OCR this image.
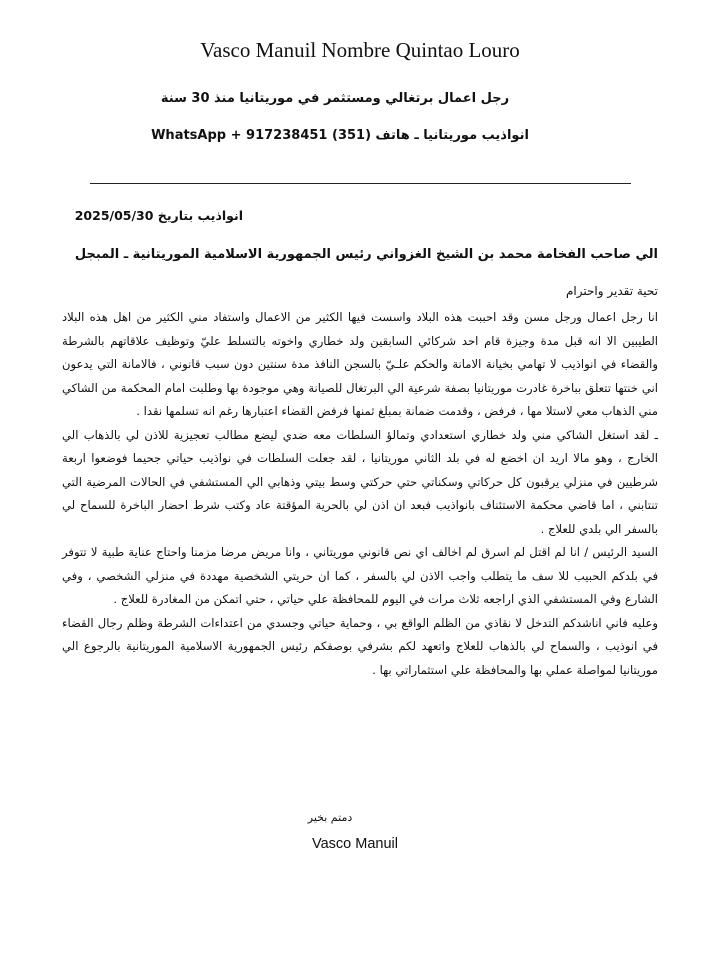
Vasco Manuil Nombre Quintao Louro
رجل اعمال برتغالي ومستثمر في موريتانيا منذ 30 سنة
انواذيب موريتانيا ـ هاتف (351) 917238451 + WhatsApp
انواذيب بتاريخ 2025/05/30
الي صاحب الفخامة محمد بن الشيخ الغزواني رئيس الجمهورية الاسلامية الموريتانية ـ المبجل
تحية تقدير واحترام

انا رجل اعمال ورجل مسن وقد احببت هذه البلاد واسست فيها الكثير من الاعمال واستفاد مني الكثير من اهل هذه البلاد الطيبين الا انه قبل مدة وجيزة قام احد شركائي السابقين ولد خطاري واخوته بالتسلط عليّ وتوظيف علاقاتهم بالشرطة والقضاء في انواذيب لا تهامي بخيانة الامانة والحكم علـيّ بالسجن النافذ مدة سنتين دون سبب قانوني ، فالامانة التي يدعون اني خنتها تتعلق بباخرة غادرت موريتانيا بصفة شرعية الي البرتغال للصيانة وهي موجودة بها وطلبت امام المحكمة من الشاكي مني الذهاب معي لاستلا مها ، فرفض ، وقدمت ضمانة بمبلغ ثمنها فرفض القضاء اعتبارها رغم انه تسلمها نقدا .

ـ لقد استغل الشاكي مني ولد خطاري استعدادي وتمالؤ السلطات معه ضدي ليضع مطالب تعجيزية للاذن لي بالذهاب الي الخارج ، وهو مالا اريد ان اخضع له في بلد الثاني موريتانيا ، لقد جعلت السلطات في نواذيب حياتي جحيما فوضعوا اربعة شرطيين في منزلي يرقبون كل حركاتي وسكناتي حتي حركتي وسط بيتي وذهابي الي المستشفي في الحالات المرضية التي تنتابني ، اما قاضي محكمة الاستئناف بانواذيب فبعد ان اذن لي بالحرية المؤقتة عاد وكتب شرط احضار الباخرة للسماح لي بالسفر الي بلدي للعلاج .

السيد الرئيس / انا لم اقتل لم اسرق لم اخالف اي نص قانوني موريتاني ، وانا مريض مرضا مزمنا واحتاج عناية طبية لا تتوفر في بلدكم الحبيب للا سف ما يتطلب واجب الاذن لي بالسفر ، كما ان حريتي الشخصية مهددة في منزلي الشخصي ، وفي الشارع وفي المستشفي الذي اراجعه ثلاث مرات في اليوم للمحافظة علي حياتي ، حتي اتمكن من المغادرة للعلاج .

وعليه فاني اناشدكم التدخل لا نقاذي من الظلم الواقع بي ، وحماية حياتي وجسدي من اعتداءات الشرطة وظلم رجال القضاء في انوذيب ، والسماح لي بالذهاب للعلاج واتعهد لكم بشرفي بوصفكم رئيس الجمهورية الاسلامية الموريتانية بالرجوع الي موريتانيا لمواصلة عملي بها والمحافظة علي استثماراتي بها .

دمتم بخير
Vasco Manuil
